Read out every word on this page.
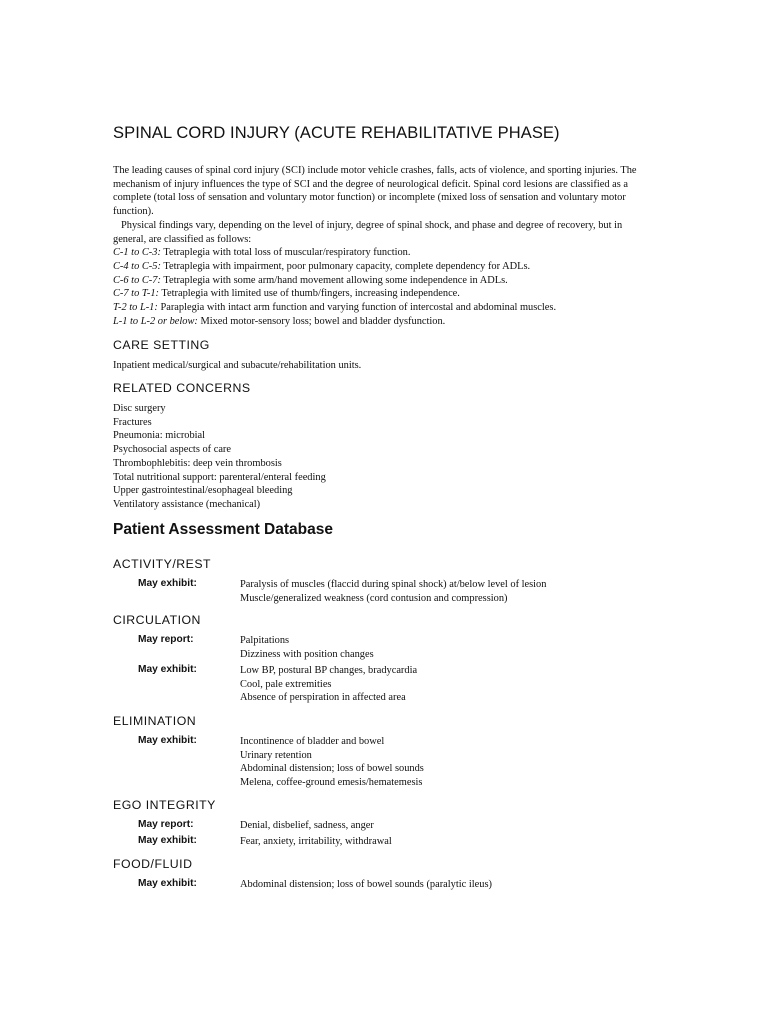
SPINAL CORD INJURY (ACUTE REHABILITATIVE PHASE)

The leading causes of spinal cord injury (SCI) include motor vehicle crashes, falls, acts of violence, and sporting injuries. The mechanism of injury influences the type of SCI and the degree of neurological deficit. Spinal cord lesions are classified as a complete (total loss of sensation and voluntary motor function) or incomplete (mixed loss of sensation and voluntary motor function).

Physical findings vary, depending on the level of injury, degree of spinal shock, and phase and degree of recovery, but in general, are classified as follows:

C-1 to C-3: Tetraplegia with total loss of muscular/respiratory function.
C-4 to C-5: Tetraplegia with impairment, poor pulmonary capacity, complete dependency for ADLs.
C-6 to C-7: Tetraplegia with some arm/hand movement allowing some independence in ADLs.
C-7 to T-1: Tetraplegia with limited use of thumb/fingers, increasing independence.
T-2 to L-1: Paraplegia with intact arm function and varying function of intercostal and abdominal muscles.
L-1 to L-2 or below: Mixed motor-sensory loss; bowel and bladder dysfunction.
CARE SETTING
Inpatient medical/surgical and subacute/rehabilitation units.
RELATED CONCERNS
Disc surgery
Fractures
Pneumonia: microbial
Psychosocial aspects of care
Thrombophlebitis: deep vein thrombosis
Total nutritional support: parenteral/enteral feeding
Upper gastrointestinal/esophageal bleeding
Ventilatory assistance (mechanical)
Patient Assessment Database
ACTIVITY/REST
May exhibit:	Paralysis of muscles (flaccid during spinal shock) at/below level of lesion
Muscle/generalized weakness (cord contusion and compression)
CIRCULATION
May report:	Palpitations
Dizziness with position changes
May exhibit:	Low BP, postural BP changes, bradycardia
Cool, pale extremities
Absence of perspiration in affected area
ELIMINATION
May exhibit:	Incontinence of bladder and bowel
Urinary retention
Abdominal distension; loss of bowel sounds
Melena, coffee-ground emesis/hematemesis
EGO INTEGRITY
May report:	Denial, disbelief, sadness, anger
May exhibit:	Fear, anxiety, irritability, withdrawal
FOOD/FLUID
May exhibit:	Abdominal distension; loss of bowel sounds (paralytic ileus)
